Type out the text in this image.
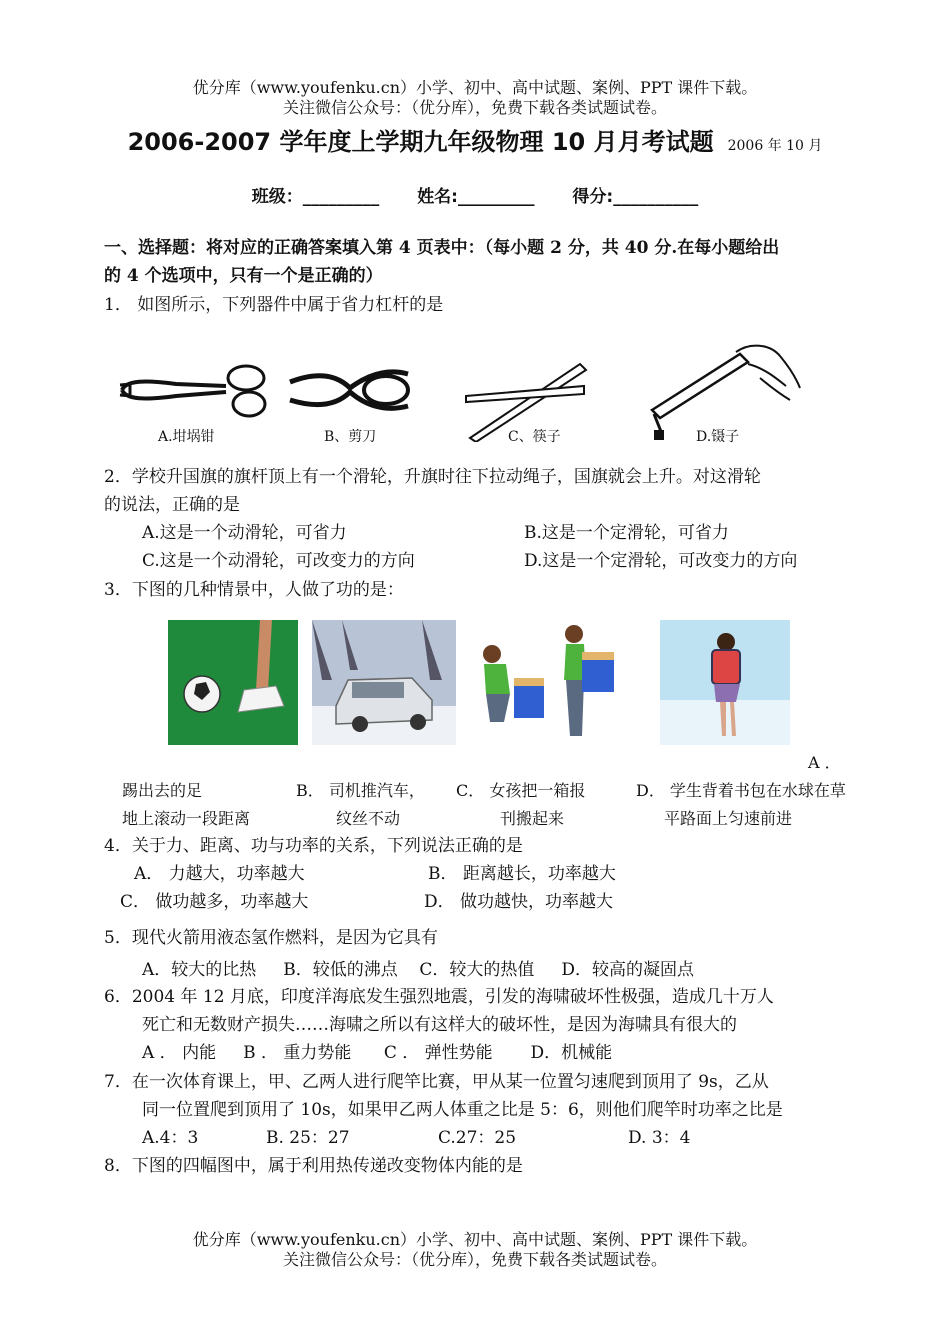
优分库（www.youfenku.cn）小学、初中、高中试题、案例、PPT 课件下载。
关注微信公众号：（优分库），免费下载各类试题试卷。
2006-2007 学年度上学期九年级物理 10 月月考试题 2006 年 10 月
班级：_________ 姓名:_________ 得分:__________
一、选择题：将对应的正确答案填入第 4 页表中：（每小题 2 分，共 40 分.在每小题给出
的 4 个选项中，只有一个是正确的）
1． 如图所示，下列器件中属于省力杠杆的是
A.坩埚钳	B、剪刀	C、筷子	D.镊子
2．学校升国旗的旗杆顶上有一个滑轮，升旗时往下拉动绳子，国旗就会上升。对这滑轮
的说法，正确的是
A.这是一个动滑轮，可省力	B.这是一个定滑轮，可省力
C.这是一个动滑轮，可改变力的方向	D.这是一个定滑轮，可改变力的方向
3．下图的几种情景中，人做了功的是：
A ．
踢出去的足
地上滚动一段距离
B． 司机推汽车，
纹丝不动
C． 女孩把一箱报
刊搬起来
D． 学生背着书包在水球在草
平路面上匀速前进
4．关于力、距离、功与功率的关系，下列说法正确的是
A． 力越大，功率越大	B． 距离越长，功率越大
C． 做功越多，功率越大	D． 做功越快，功率越大
5．现代火箭用液态氢作燃料，是因为它具有
A．较大的比热     B．较低的沸点    C．较大的热值     D．较高的凝固点
6．2004 年 12 月底，印度洋海底发生强烈地震，引发的海啸破坏性极强，造成几十万人
死亡和无数财产损失……海啸之所以有这样大的破坏性，是因为海啸具有很大的
A ． 内能     B ． 重力势能      C ． 弹性势能       D．机械能
7．在一次体育课上，甲、乙两人进行爬竿比赛，甲从某一位置匀速爬到顶用了 9s，乙从
同一位置爬到顶用了 10s，如果甲乙两人体重之比是 5：6，则他们爬竿时功率之比是
A.4：3	B. 25：27	C.27：25	D. 3：4
8．下图的四幅图中，属于利用热传递改变物体内能的是
优分库（www.youfenku.cn）小学、初中、高中试题、案例、PPT 课件下载。
关注微信公众号：（优分库），免费下载各类试题试卷。
